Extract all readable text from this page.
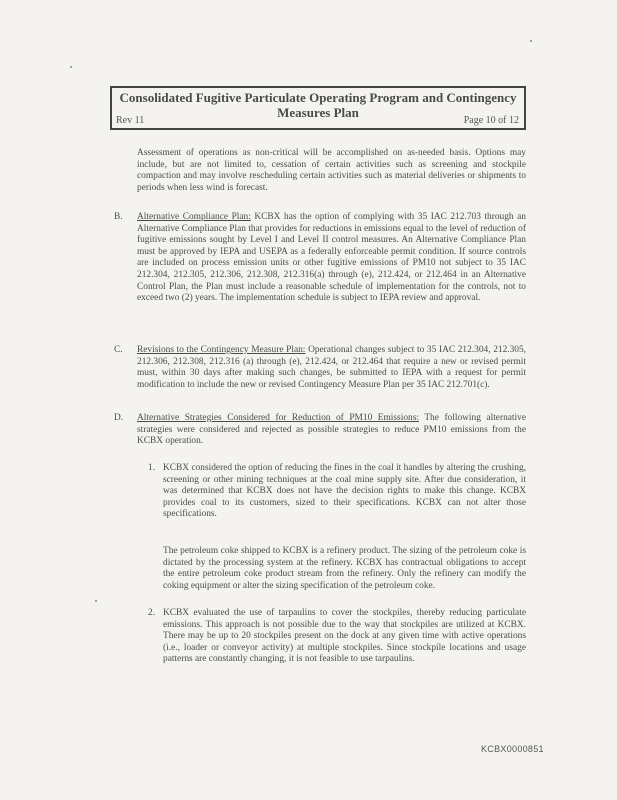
Consolidated Fugitive Particulate Operating Program and Contingency Measures Plan
Rev 11	Page 10 of 12
Assessment of operations as non-critical will be accomplished on as-needed basis. Options may include, but are not limited to, cessation of certain activities such as screening and stockpile compaction and may involve rescheduling certain activities such as material deliveries or shipments to periods when less wind is forecast.
B. Alternative Compliance Plan: KCBX has the option of complying with 35 IAC 212.703 through an Alternative Compliance Plan that provides for reductions in emissions equal to the level of reduction of fugitive emissions sought by Level I and Level II control measures. An Alternative Compliance Plan must be approved by IEPA and USEPA as a federally enforceable permit condition. If source controls are included on process emission units or other fugitive emissions of PM10 not subject to 35 IAC 212.304, 212.305, 212.306, 212.308, 212.316(a) through (e), 212.424, or 212.464 in an Alternative Control Plan, the Plan must include a reasonable schedule of implementation for the controls, not to exceed two (2) years. The implementation schedule is subject to IEPA review and approval.
C. Revisions to the Contingency Measure Plan: Operational changes subject to 35 IAC 212.304, 212.305, 212.306, 212.308, 212.316 (a) through (e), 212.424, or 212.464 that require a new or revised permit must, within 30 days after making such changes, be submitted to IEPA with a request for permit modification to include the new or revised Contingency Measure Plan per 35 IAC 212.701(c).
D. Alternative Strategies Considered for Reduction of PM10 Emissions: The following alternative strategies were considered and rejected as possible strategies to reduce PM10 emissions from the KCBX operation.
1. KCBX considered the option of reducing the fines in the coal it handles by altering the crushing, screening or other mining techniques at the coal mine supply site. After due consideration, it was determined that KCBX does not have the decision rights to make this change. KCBX provides coal to its customers, sized to their specifications. KCBX can not alter those specifications.
The petroleum coke shipped to KCBX is a refinery product. The sizing of the petroleum coke is dictated by the processing system at the refinery. KCBX has contractual obligations to accept the entire petroleum coke product stream from the refinery. Only the refinery can modify the coking equipment or alter the sizing specification of the petroleum coke.
2. KCBX evaluated the use of tarpaulins to cover the stockpiles, thereby reducing particulate emissions. This approach is not possible due to the way that stockpiles are utilized at KCBX. There may be up to 20 stockpiles present on the dock at any given time with active operations (i.e., loader or conveyor activity) at multiple stockpiles. Since stockpile locations and usage patterns are constantly changing, it is not feasible to use tarpaulins.
KCBX0000851
